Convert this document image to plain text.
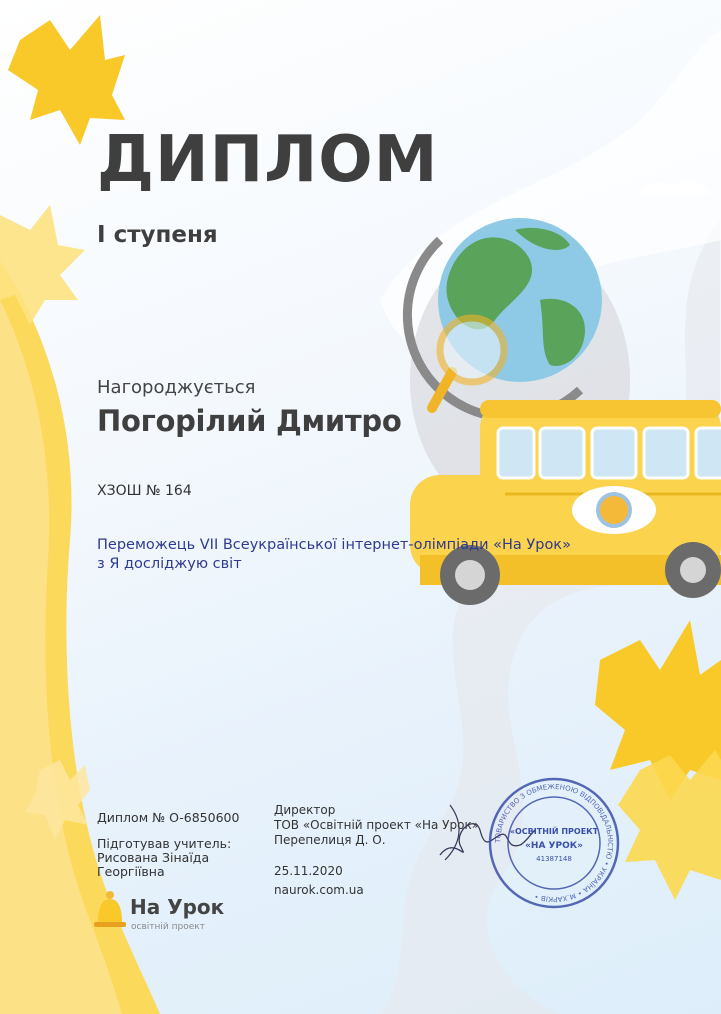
ДИПЛОМ
І ступеня
Нагороджується
Погорілий Дмитро
ХЗОШ № 164
Переможець VII Всеукраїнської інтернет-олімпіади «На Урок»
з Я досліджую світ
Диплом № O-6850600
Підготував учитель:
Рисована Зінаїда
Георгіївна
Директор
ТОВ «Освітній проект «На Урок»
Перепелиця Д. О.
25.11.2020
naurok.com.ua
ТОВАРИСТВО З ОБМЕЖЕНОЮ ВІДПОВІДАЛЬНІСТЮ • УКРАЇНА • М.ХАРКІВ •
«ОСВІТНІЙ ПРОЕКТ
«НА УРОК»
41387148
На Урок
освітній проект
